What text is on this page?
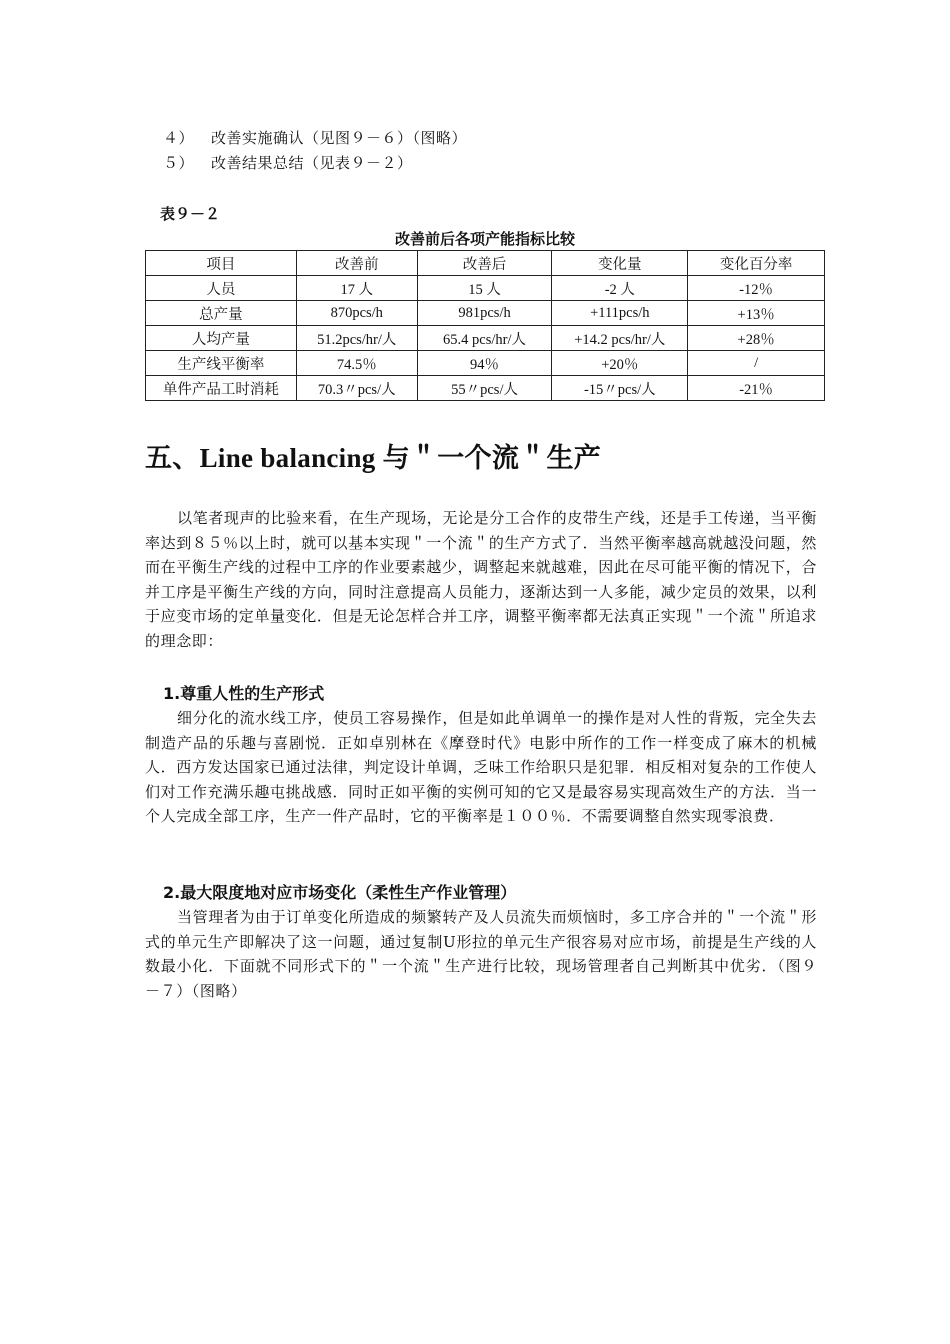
４） 改善实施确认（见图９－６）（图略）
５） 改善结果总结（见表９－２）
表９－２
改善前后各项产能指标比较
项目	改善前	改善后	变化量	变化百分率
人员	17 人	15 人	-2 人	-12％
总产量	870pcs/h	981pcs/h	+111pcs/h	+13％
人均产量	51.2pcs/hr/人	65.4 pcs/hr/人	+14.2 pcs/hr/人	+28％
生产线平衡率	74.5％	94％	+20％	/
单件产品工时消耗	70.3〃pcs/人	55〃pcs/人	-15〃pcs/人	-21％
五、Line balancing 与＂一个流＂生产
以笔者现声的比验来看，在生产现场，无论是分工合作的皮带生产线，还是手工传递，当平衡率达到８５％以上时，就可以基本实现＂一个流＂的生产方式了．当然平衡率越高就越没问题，然而在平衡生产线的过程中工序的作业要素越少，调整起来就越难，因此在尽可能平衡的情况下，合并工序是平衡生产线的方向，同时注意提高人员能力，逐渐达到一人多能，减少定员的效果，以利于应变市场的定单量变化．但是无论怎样合并工序，调整平衡率都无法真正实现＂一个流＂所追求的理念即：
1.尊重人性的生产形式
细分化的流水线工序，使员工容易操作，但是如此单调单一的操作是对人性的背叛，完全失去制造产品的乐趣与喜剧悦．正如卓别林在《摩登时代》电影中所作的工作一样变成了麻木的机械人．西方发达国家已通过法律，判定设计单调，乏味工作给职只是犯罪．相反相对复杂的工作使人们对工作充满乐趣屯挑战感．同时正如平衡的实例可知的它又是最容易实现高效生产的方法．当一个人完成全部工序，生产一件产品时，它的平衡率是１００％．不需要调整自然实现零浪费．
2.最大限度地对应市场变化（柔性生产作业管理）
当管理者为由于订单变化所造成的频繁转产及人员流失而烦恼时，多工序合并的＂一个流＂形式的单元生产即解决了这一问题，通过复制U形拉的单元生产很容易对应市场，前提是生产线的人数最小化．下面就不同形式下的＂一个流＂生产进行比较，现场管理者自己判断其中优劣．（图９－７）（图略）
